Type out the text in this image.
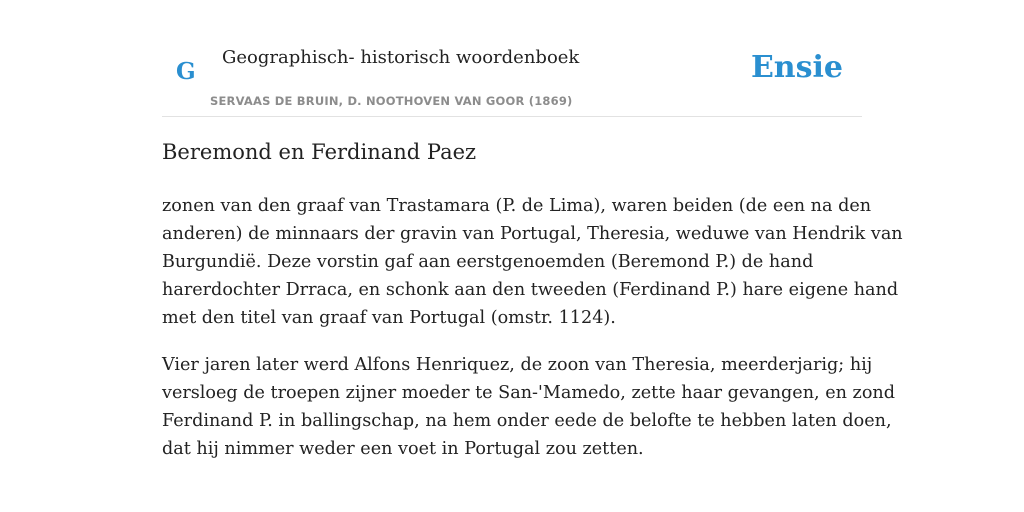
G
Geographisch- historisch woordenboek
SERVAAS DE BRUIN, D. NOOTHOVEN VAN GOOR (1869)
Ensie
Beremond en Ferdinand Paez

zonen van den graaf van Trastamara (P. de Lima), waren beiden (de een na den
anderen) de minnaars der gravin van Portugal, Theresia, weduwe van Hendrik van
Burgundië. Deze vorstin gaf aan eerstgenoemden (Beremond P.) de hand
harerdochter Drraca, en schonk aan den tweeden (Ferdinand P.) hare eigene hand
met den titel van graaf van Portugal (omstr. 1124).

Vier jaren later werd Alfons Henriquez, de zoon van Theresia, meerderjarig; hij
versloeg de troepen zijner moeder te San-'Mamedo, zette haar gevangen, en zond
Ferdinand P. in ballingschap, na hem onder eede de belofte te hebben laten doen,
dat hij nimmer weder een voet in Portugal zou zetten.
